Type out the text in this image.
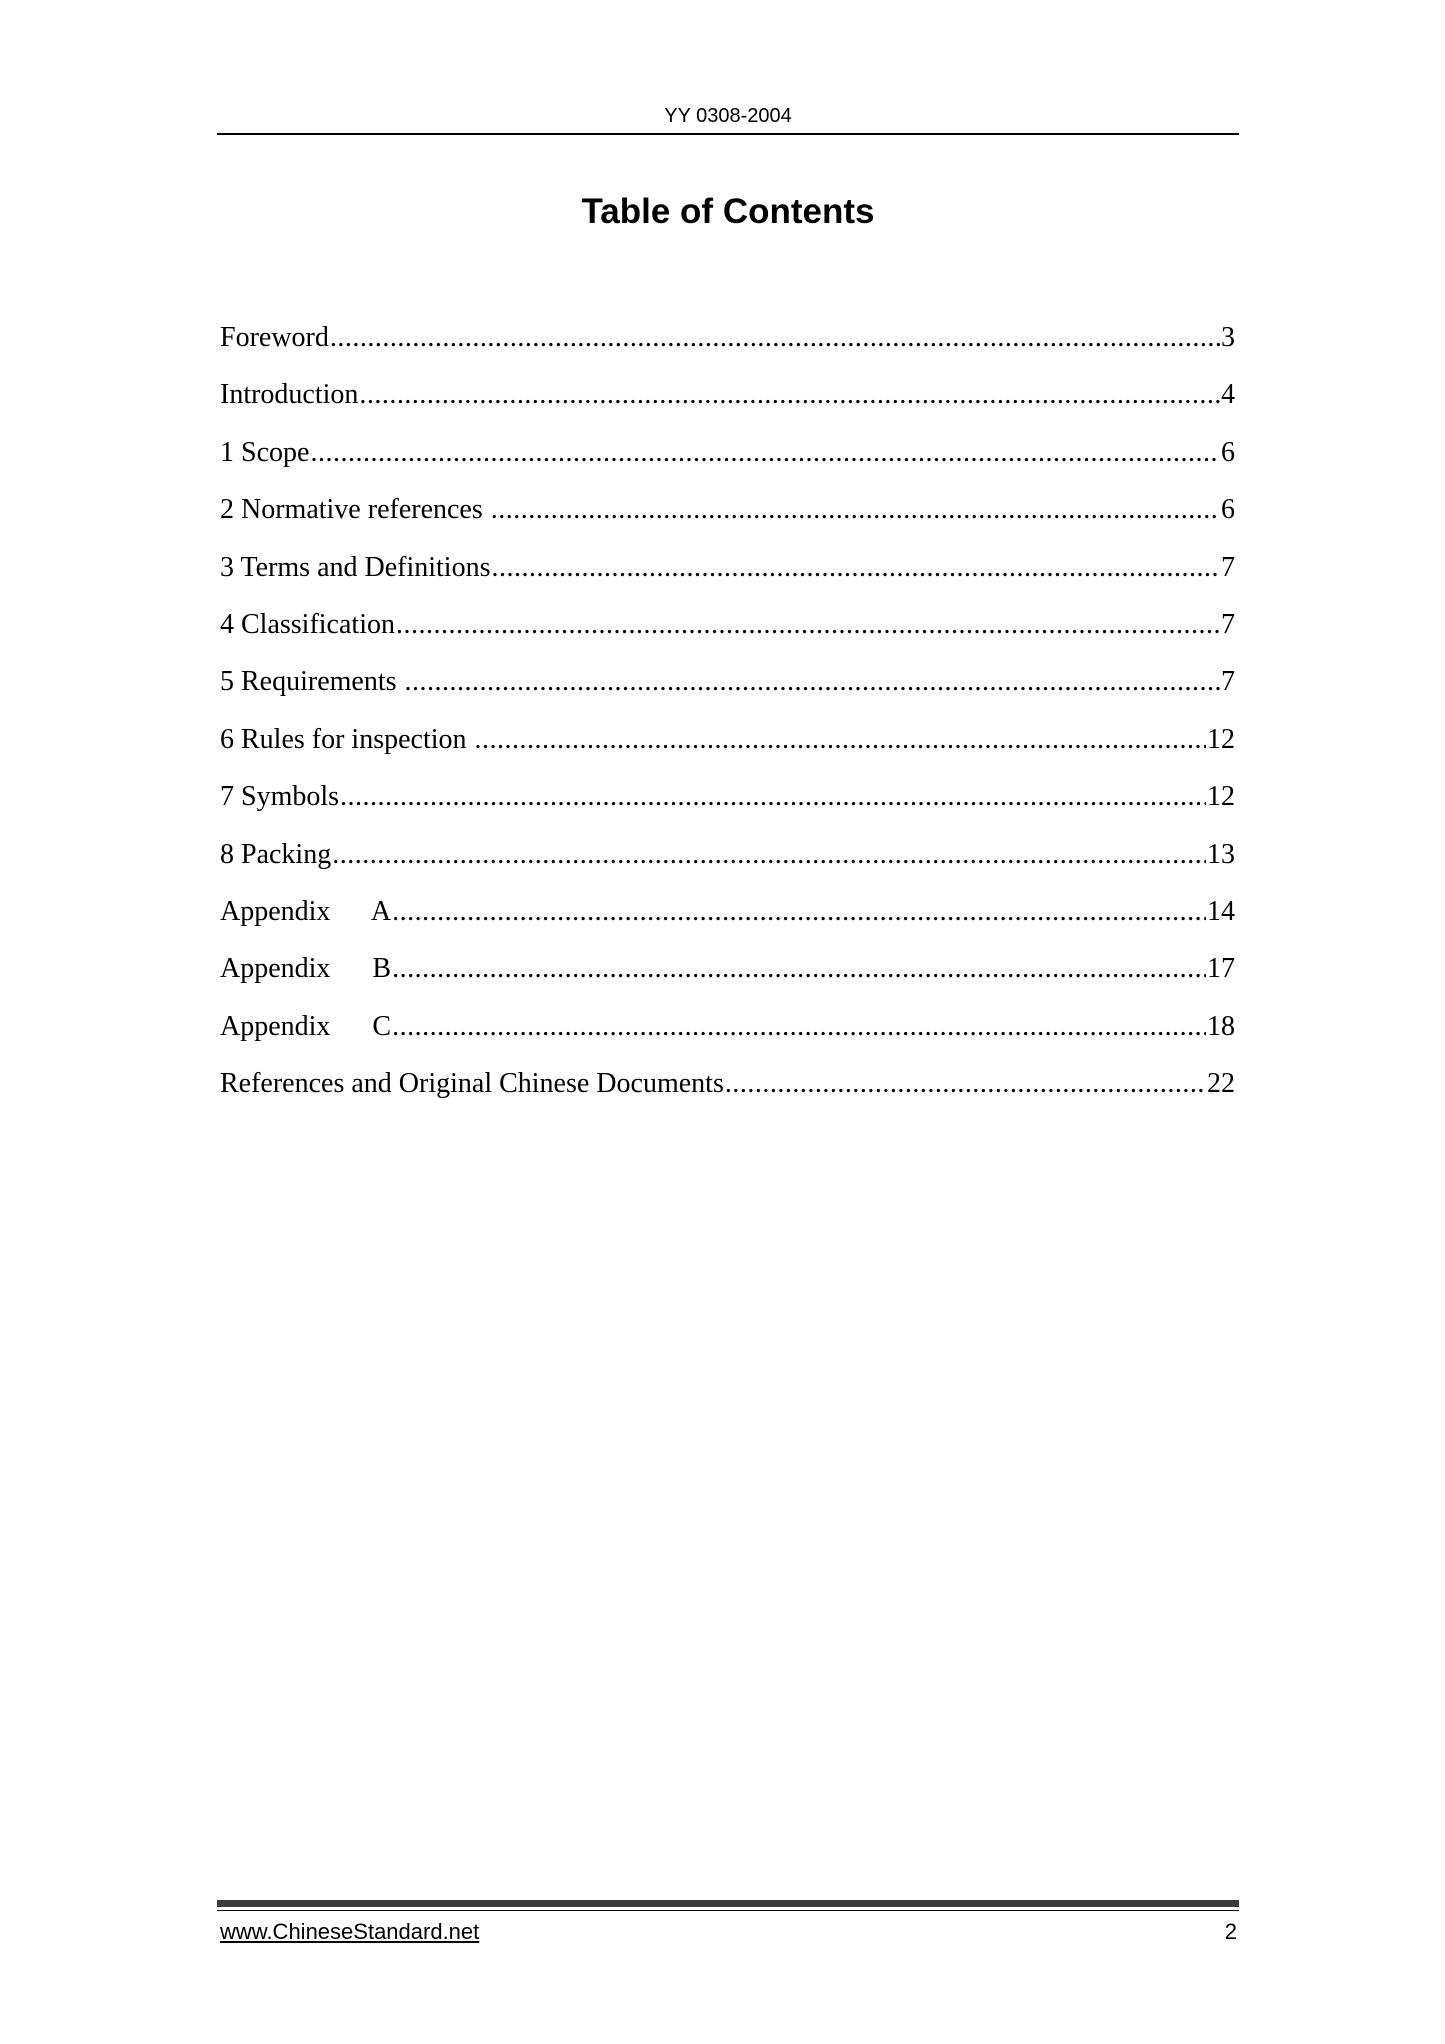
YY 0308-2004
Table of Contents
Foreword .....	3
Introduction .....	4
1 Scope .....	6
2 Normative references .....	6
3 Terms and Definitions .....	7
4 Classification .....	7
5 Requirements .....	7
6 Rules for inspection .....	12
7 Symbols .....	12
8 Packing .....	13
Appendix      A .....	14
Appendix      B .....	17
Appendix      C .....	18
References and Original Chinese Documents .....	22
www.ChineseStandard.net	2
